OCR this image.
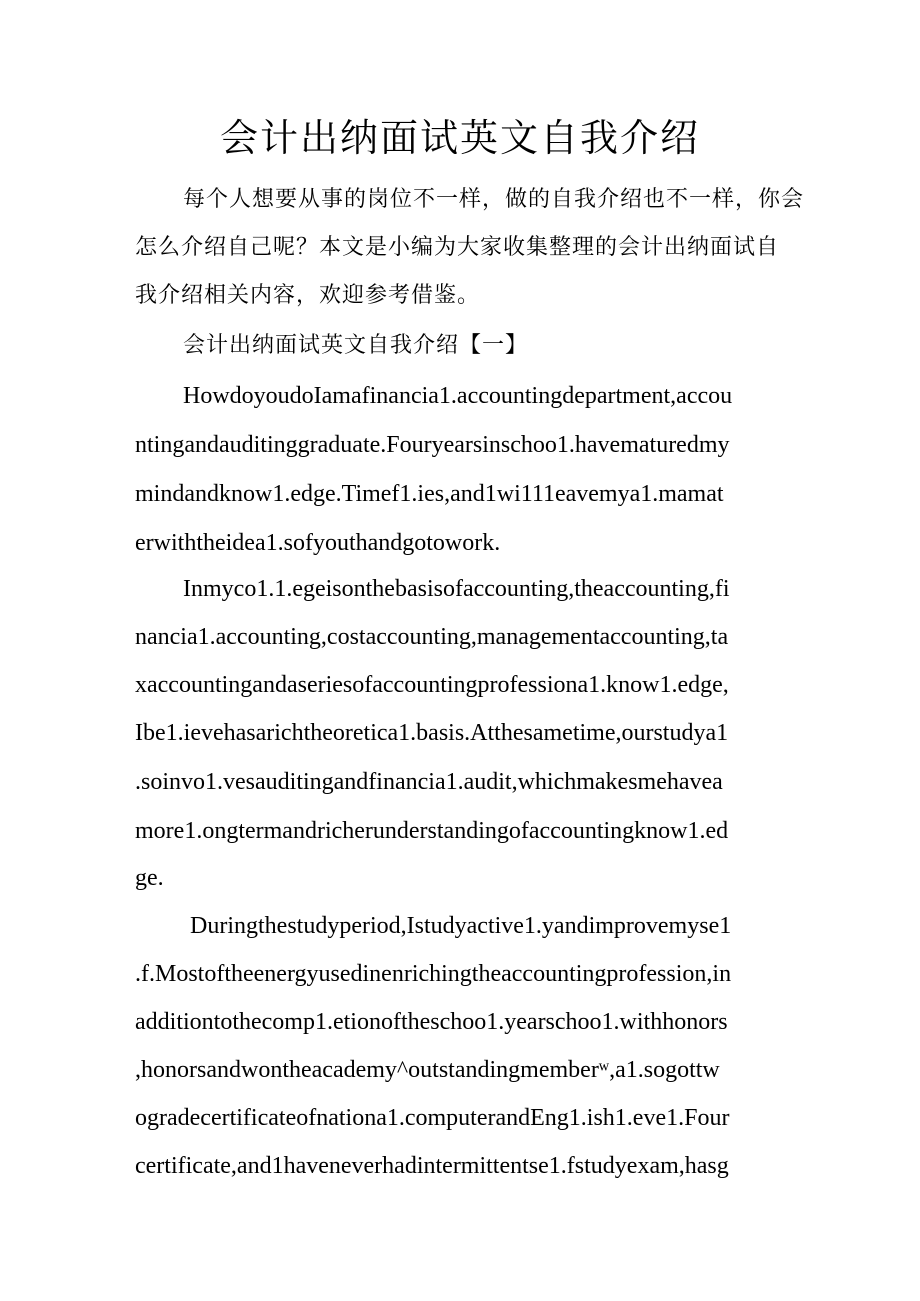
会计出纳面试英文自我介绍
每个人想要从事的岗位不一样，做的自我介绍也不一样，你会
怎么介绍自己呢？本文是小编为大家收集整理的会计出纳面试自
我介绍相关内容，欢迎参考借鉴。
会计出纳面试英文自我介绍【一】
HowdoyoudoIamafinancia1.accountingdepartment,accou
ntingandauditinggraduate.Fouryearsinschoo1.havematuredmy
mindandknow1.edge.Timef1.ies,and1wi111eavemya1.mamat
erwiththeidea1.sofyouthandgotowork.
Inmyco1.1.egeisonthebasisofaccounting,theaccounting,fi
nancia1.accounting,costaccounting,managementaccounting,ta
xaccountingandaseriesofaccountingprofessiona1.know1.edge,
Ibe1.ievehasarichtheoretica1.basis.Atthesametime,ourstudya1
.soinvo1.vesauditingandfinancia1.audit,whichmakesmehavea
more1.ongtermandricherunderstandingofaccountingknow1.ed
ge.
Duringthestudyperiod,Istudyactive1.yandimprovemyse1
.f.Mostoftheenergyusedinenrichingtheaccountingprofession,in
additiontothecomp1.etionoftheschoo1.yearschoo1.withhonors
,honorsandwontheacademy^outstandingmemberʷ,a1.sogottw
ogradecertificateofnationa1.computerandEng1.ish1.eve1.Four
certificate,and1haveneverhadintermittentse1.fstudyexam,hasg
